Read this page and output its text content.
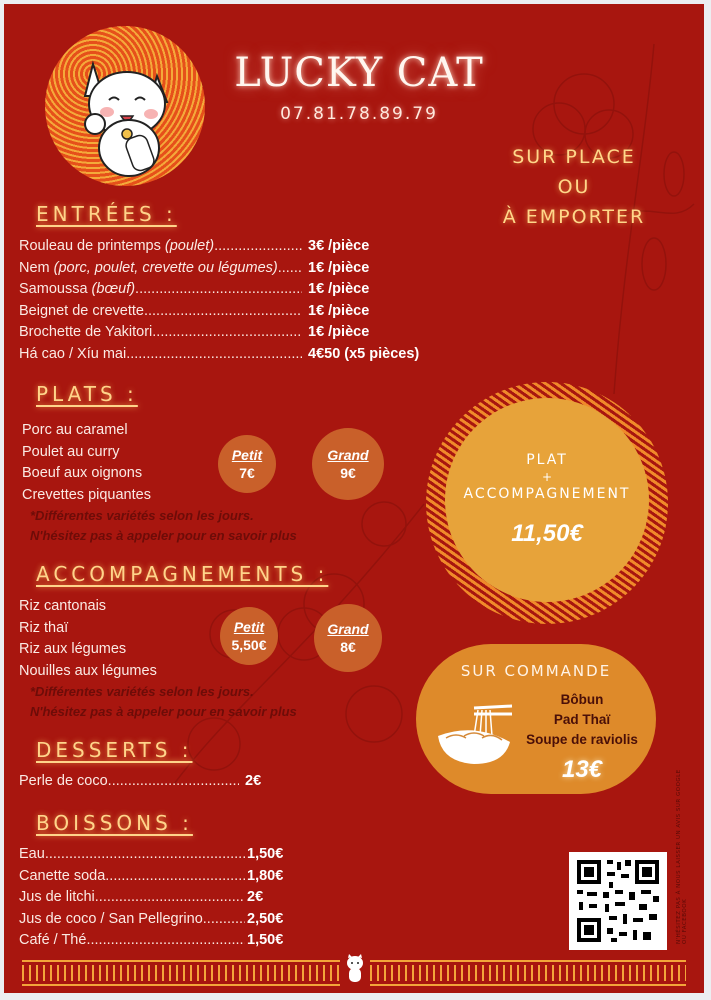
LUCKY CAT
07.81.78.89.79
SUR PLACE
OU
À EMPORTER
ENTRÉES :
Rouleau de printemps (poulet) .....	3€ /pièce
Nem (porc, poulet, crevette ou légumes) .....	1€ /pièce
Samoussa (bœuf) .....	1€ /pièce
Beignet de crevette .....	1€ /pièce
Brochette de Yakitori .....	1€ /pièce
Há cao / Xíu mai .....	4€50 (x5 pièces)
PLATS :
Porc au caramel
Poulet au curry
Boeuf aux oignons
Crevettes piquantes
Petit
7€
Grand
9€
*Différentes variétés selon les jours.
N'hésitez pas à appeler pour en savoir plus
ACCOMPAGNEMENTS :
Riz cantonais
Riz thaï
Riz aux légumes
Nouilles aux légumes
Petit
5,50€
Grand
8€
*Différentes variétés selon les jours.
N'hésitez pas à appeler pour en savoir plus
DESSERTS :
Perle de coco .....	2€
BOISSONS :
Eau .....	1,50€
Canette soda .....	1,80€
Jus de litchi .....	2€
Jus de coco / San Pellegrino .....	2,50€
Café / Thé .....	1,50€
PLAT
+
ACCOMPAGNEMENT
11,50€
SUR COMMANDE
Bôbun
Pad Thaï
Soupe de raviolis
13€	N'HÉSITEZ PAS À NOUS LAISSER UN AVIS SUR GOOGLE OU FACEBOOK
